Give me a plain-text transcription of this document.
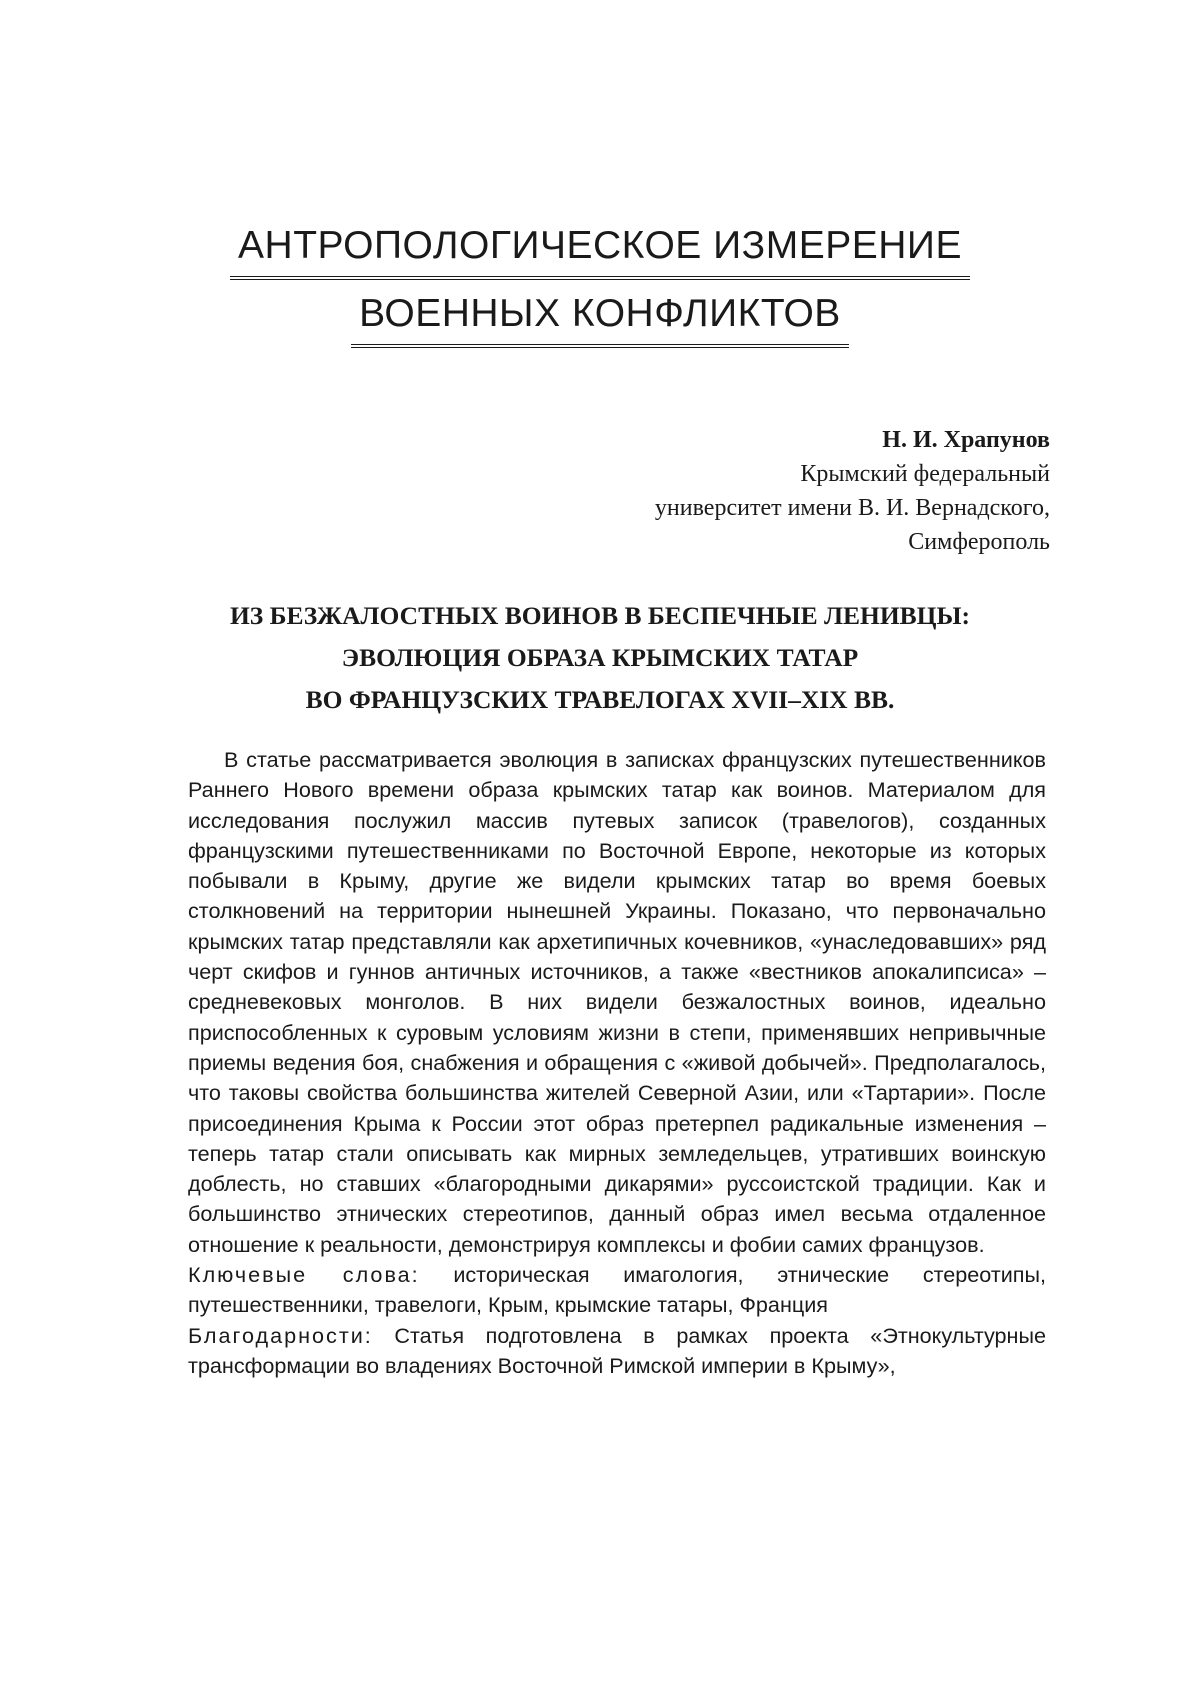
АНТРОПОЛОГИЧЕСКОЕ ИЗМЕРЕНИЕ
ВОЕННЫХ КОНФЛИКТОВ
Н. И. Храпунов
Крымский федеральный
университет имени В. И. Вернадского,
Симферополь
ИЗ БЕЗЖАЛОСТНЫХ ВОИНОВ В БЕСПЕЧНЫЕ ЛЕНИВЦЫ:
ЭВОЛЮЦИЯ ОБРАЗА КРЫМСКИХ ТАТАР
ВО ФРАНЦУЗСКИХ ТРАВЕЛОГАХ XVII–XIX ВВ.

В статье рассматривается эволюция в записках французских путешественников Раннего Нового времени образа крымских татар как воинов. Материалом для исследования послужил массив путевых записок (травелогов), созданных французскими путешественниками по Восточной Европе, некоторые из которых побывали в Крыму, другие же видели крымских татар во время боевых столкновений на территории нынешней Украины. Показано, что первоначально крымских татар представляли как архетипичных кочевников, «унаследовавших» ряд черт скифов и гуннов античных источников, а также «вестников апокалипсиса» – средневековых монголов. В них видели безжалостных воинов, идеально приспособленных к суровым условиям жизни в степи, применявших непривычные приемы ведения боя, снабжения и обращения с «живой добычей». Предполагалось, что таковы свойства большинства жителей Северной Азии, или «Тартарии». После присоединения Крыма к России этот образ претерпел радикальные изменения – теперь татар стали описывать как мирных земледельцев, утративших воинскую доблесть, но ставших «благородными дикарями» руссоистской традиции. Как и большинство этнических стереотипов, данный образ имел весьма отдаленное отношение к реальности, демонстрируя комплексы и фобии самих французов.

Ключевые слова: историческая имагология, этнические стереотипы, путешественники, травелоги, Крым, крымские татары, Франция

Благодарности: Статья подготовлена в рамках проекта «Этнокультурные трансформации во владениях Восточной Римской империи в Крыму»,
